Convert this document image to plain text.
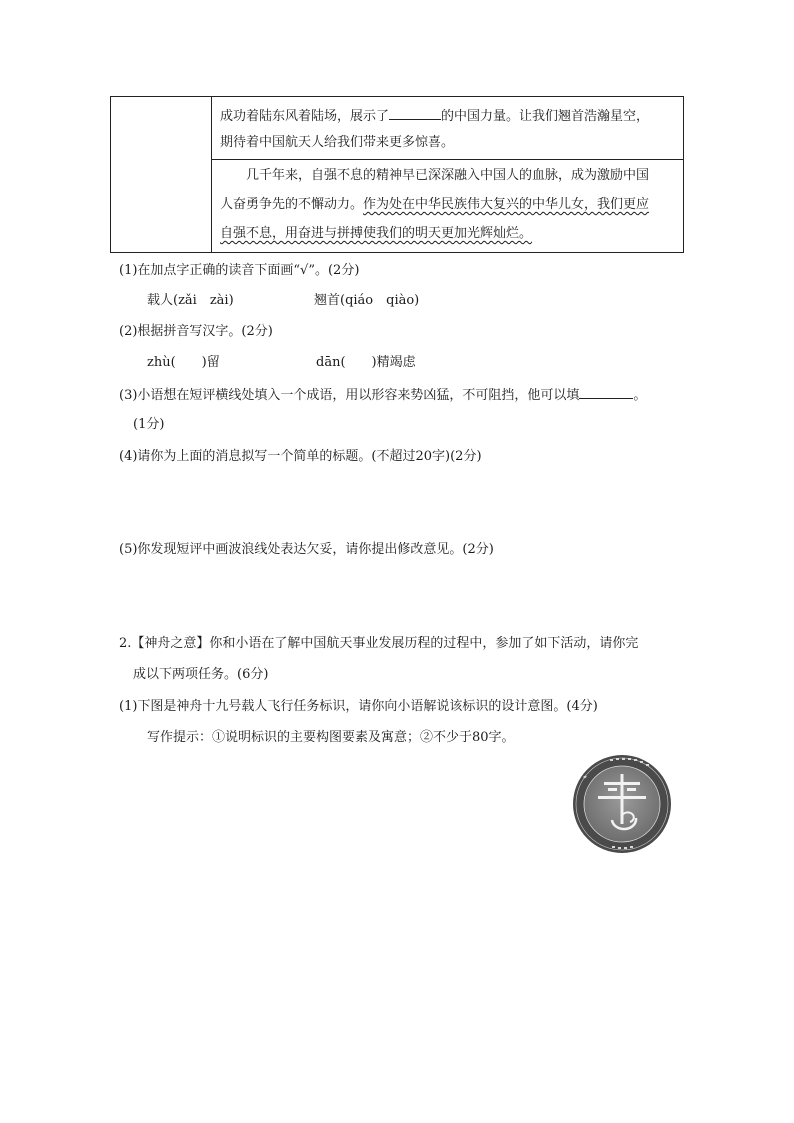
成功着陆东风着陆场，展示了	的中国力量。让我们翘首浩瀚星空，
期待着中国航天人给我们带来更多惊喜。
几千年来，自强不息的精神早已深深融入中国人的血脉，成为激励中国
人奋勇争先的不懈动力。作为处在中华民族伟大复兴的中华儿女，我们更应
自强不息，用奋进与拼搏使我们的明天更加光辉灿烂。
(1)在加点字正确的读音下面画“√”。(2分)
载人(zǎi　zài)	翘首(qiáo　qiào)
(2)根据拼音写汉字。(2分)
zhù(　　)留	dān(　　)精竭虑
(3)小语想在短评横线处填入一个成语，用以形容来势凶猛，不可阻挡，他可以填	。
(1分)
(4)请你为上面的消息拟写一个简单的标题。(不超过20字)(2分)
(5)你发现短评中画波浪线处表达欠妥，请你提出修改意见。(2分)
2.【神舟之意】你和小语在了解中国航天事业发展历程的过程中，参加了如下活动，请你完
成以下两项任务。(6分)
(1)下图是神舟十九号载人飞行任务标识，请你向小语解说该标识的设计意图。(4分)
写作提示：①说明标识的主要构图要素及寓意；②不少于80字。
